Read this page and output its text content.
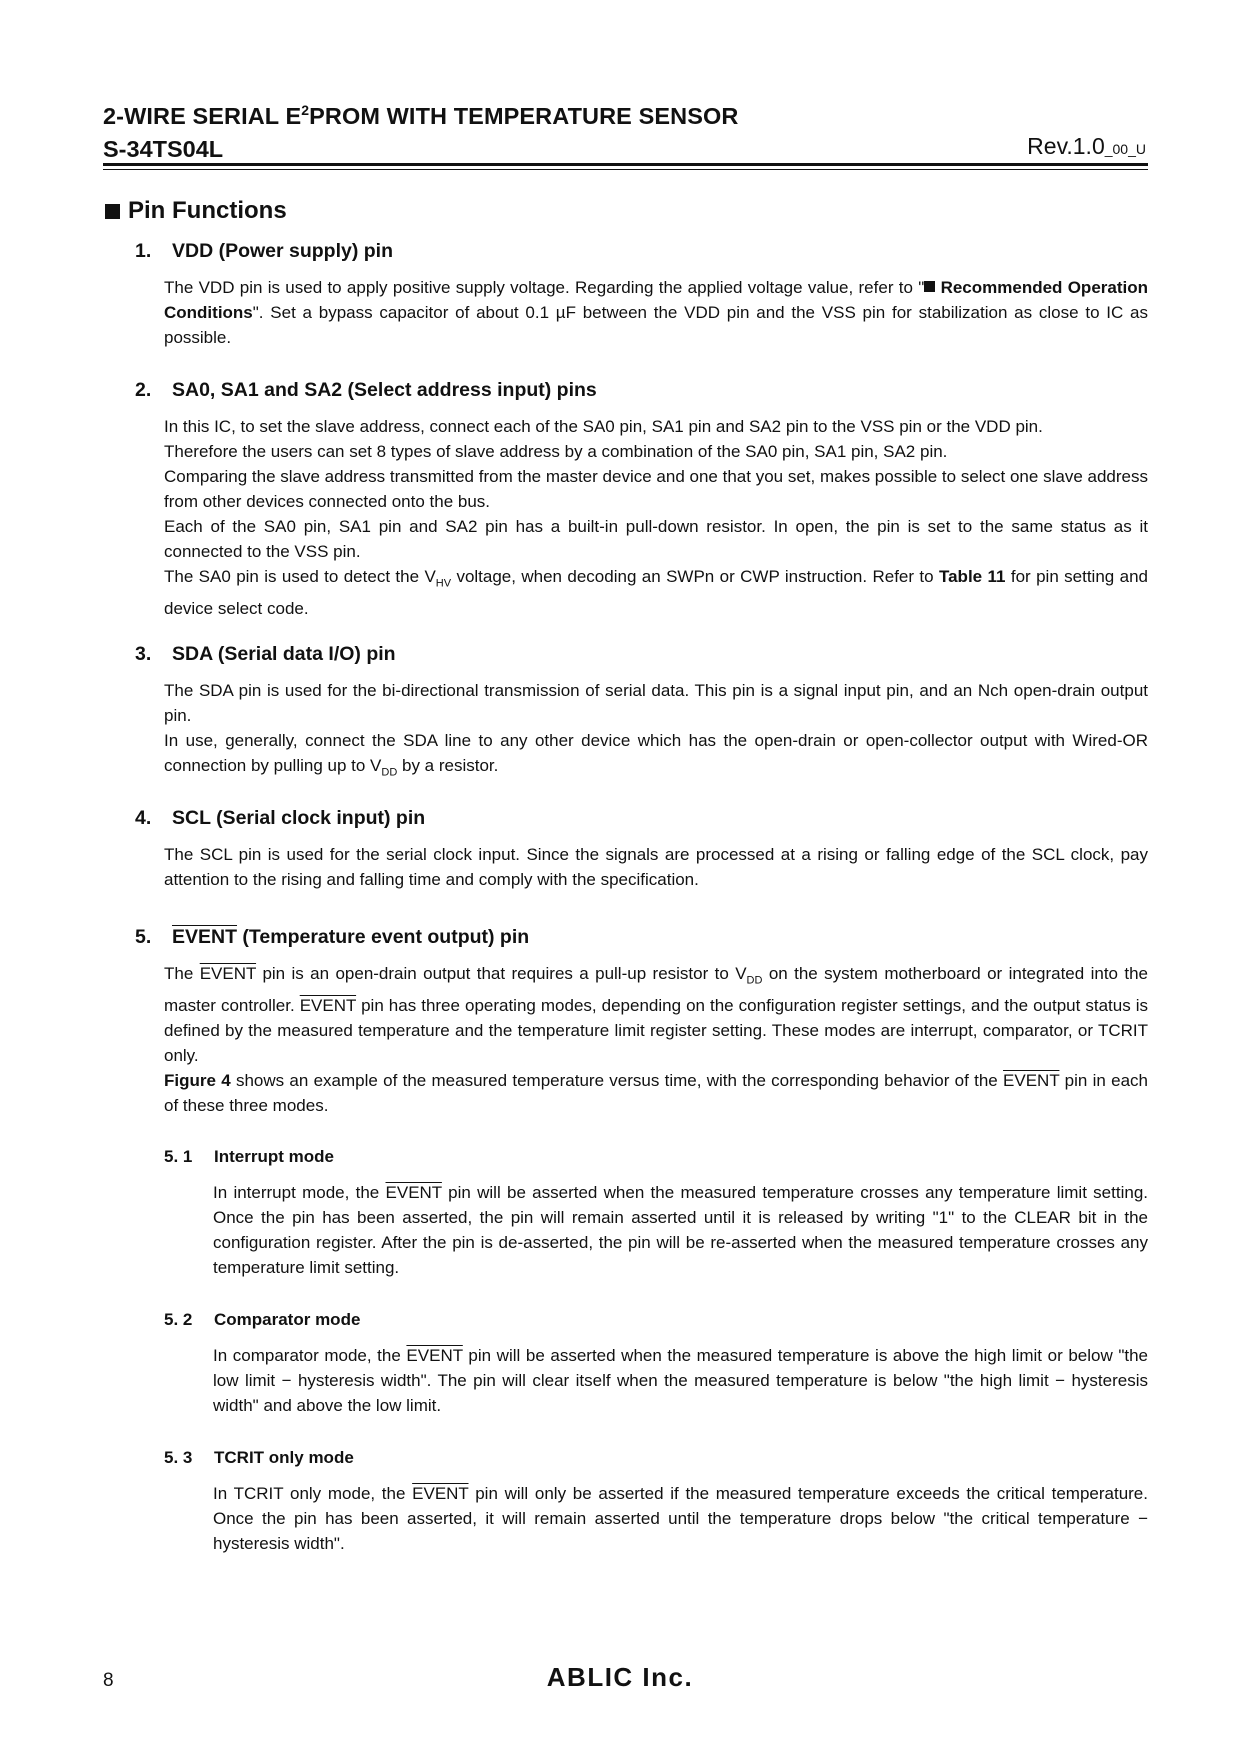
2-WIRE SERIAL $E^2PROM$ WITH TEMPERATURE SENSOR
S-34TS04L	Rev.1.0_00_U
Pin Functions
1.	VDD (Power supply) pin

The VDD pin is used to apply positive supply voltage. Regarding the applied voltage value, refer to " Recommended Operation Conditions". Set a bypass capacitor of about 0.1 µF between the VDD pin and the VSS pin for stabilization as close to IC as possible.

2.	SA0, SA1 and SA2 (Select address input) pins

In this IC, to set the slave address, connect each of the SA0 pin, SA1 pin and SA2 pin to the VSS pin or the VDD pin.

Therefore the users can set 8 types of slave address by a combination of the SA0 pin, SA1 pin, SA2 pin.

Comparing the slave address transmitted from the master device and one that you set, makes possible to select one slave address from other devices connected onto the bus.

Each of the SA0 pin, SA1 pin and SA2 pin has a built-in pull-down resistor. In open, the pin is set to the same status as it connected to the VSS pin.

The SA0 pin is used to detect the $V_{HV}$ voltage, when decoding an SWPn or CWP instruction. Refer to Table 11 for pin setting and device select code.

3.	SDA (Serial data I/O) pin

The SDA pin is used for the bi-directional transmission of serial data. This pin is a signal input pin, and an Nch open-drain output pin.

In use, generally, connect the SDA line to any other device which has the open-drain or open-collector output with Wired-OR connection by pulling up to $V_{DD}$ by a resistor.

4.	SCL (Serial clock input) pin

The SCL pin is used for the serial clock input. Since the signals are processed at a rising or falling edge of the SCL clock, pay attention to the rising and falling time and comply with the specification.

5.	EVENT (Temperature event output) pin

The EVENT pin is an open-drain output that requires a pull-up resistor to $V_{DD}$ on the system motherboard or integrated into the master controller. EVENT pin has three operating modes, depending on the configuration register settings, and the output status is defined by the measured temperature and the temperature limit register setting. These modes are interrupt, comparator, or TCRIT only.

Figure 4 shows an example of the measured temperature versus time, with the corresponding behavior of the EVENT pin in each of these three modes.

5. 1	Interrupt mode

In interrupt mode, the EVENT pin will be asserted when the measured temperature crosses any temperature limit setting. Once the pin has been asserted, the pin will remain asserted until it is released by writing "1" to the CLEAR bit in the configuration register. After the pin is de-asserted, the pin will be re-asserted when the measured temperature crosses any temperature limit setting.

5. 2	Comparator mode

In comparator mode, the EVENT pin will be asserted when the measured temperature is above the high limit or below "the low limit − hysteresis width". The pin will clear itself when the measured temperature is below "the high limit − hysteresis width" and above the low limit.

5. 3	TCRIT only mode

In TCRIT only mode, the EVENT pin will only be asserted if the measured temperature exceeds the critical temperature. Once the pin has been asserted, it will remain asserted until the temperature drops below "the critical temperature − hysteresis width".

8	ABLIC Inc.
